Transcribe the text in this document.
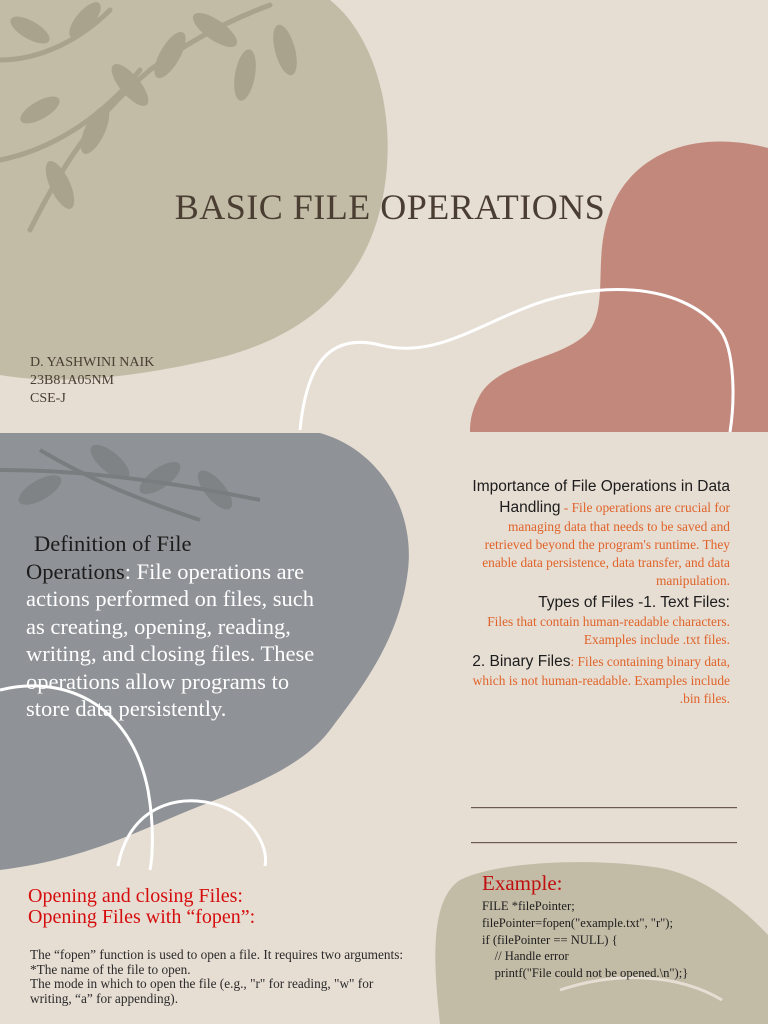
BASIC FILE OPERATIONS
D. YASHWINI NAIK
23B81A05NM
CSE-J
Definition of File
Operations: File operations are actions performed on files, such as creating, opening, reading, writing, and closing files. These operations allow programs to store data persistently.

Importance of File Operations in Data Handling - File operations are crucial for managing data that needs to be saved and retrieved beyond the program's runtime. They enable data persistence, data transfer, and data manipulation.

Types of Files -1. Text Files:

Files that contain human-readable characters. Examples include .txt files.

2. Binary Files: Files containing binary data, which is not human-readable. Examples include .bin files.

Opening and closing Files:
Opening Files with “fopen”:
The “fopen” function is used to open a file. It requires two arguments: *The name of the file to open.
The mode in which to open the file (e.g., "r" for reading, "w" for writing, “a” for appending).
Example:
FILE *filePointer;
filePointer=fopen("example.txt", "r");
if (filePointer == NULL) {
// Handle error
printf("File could not be opened.\n");}
